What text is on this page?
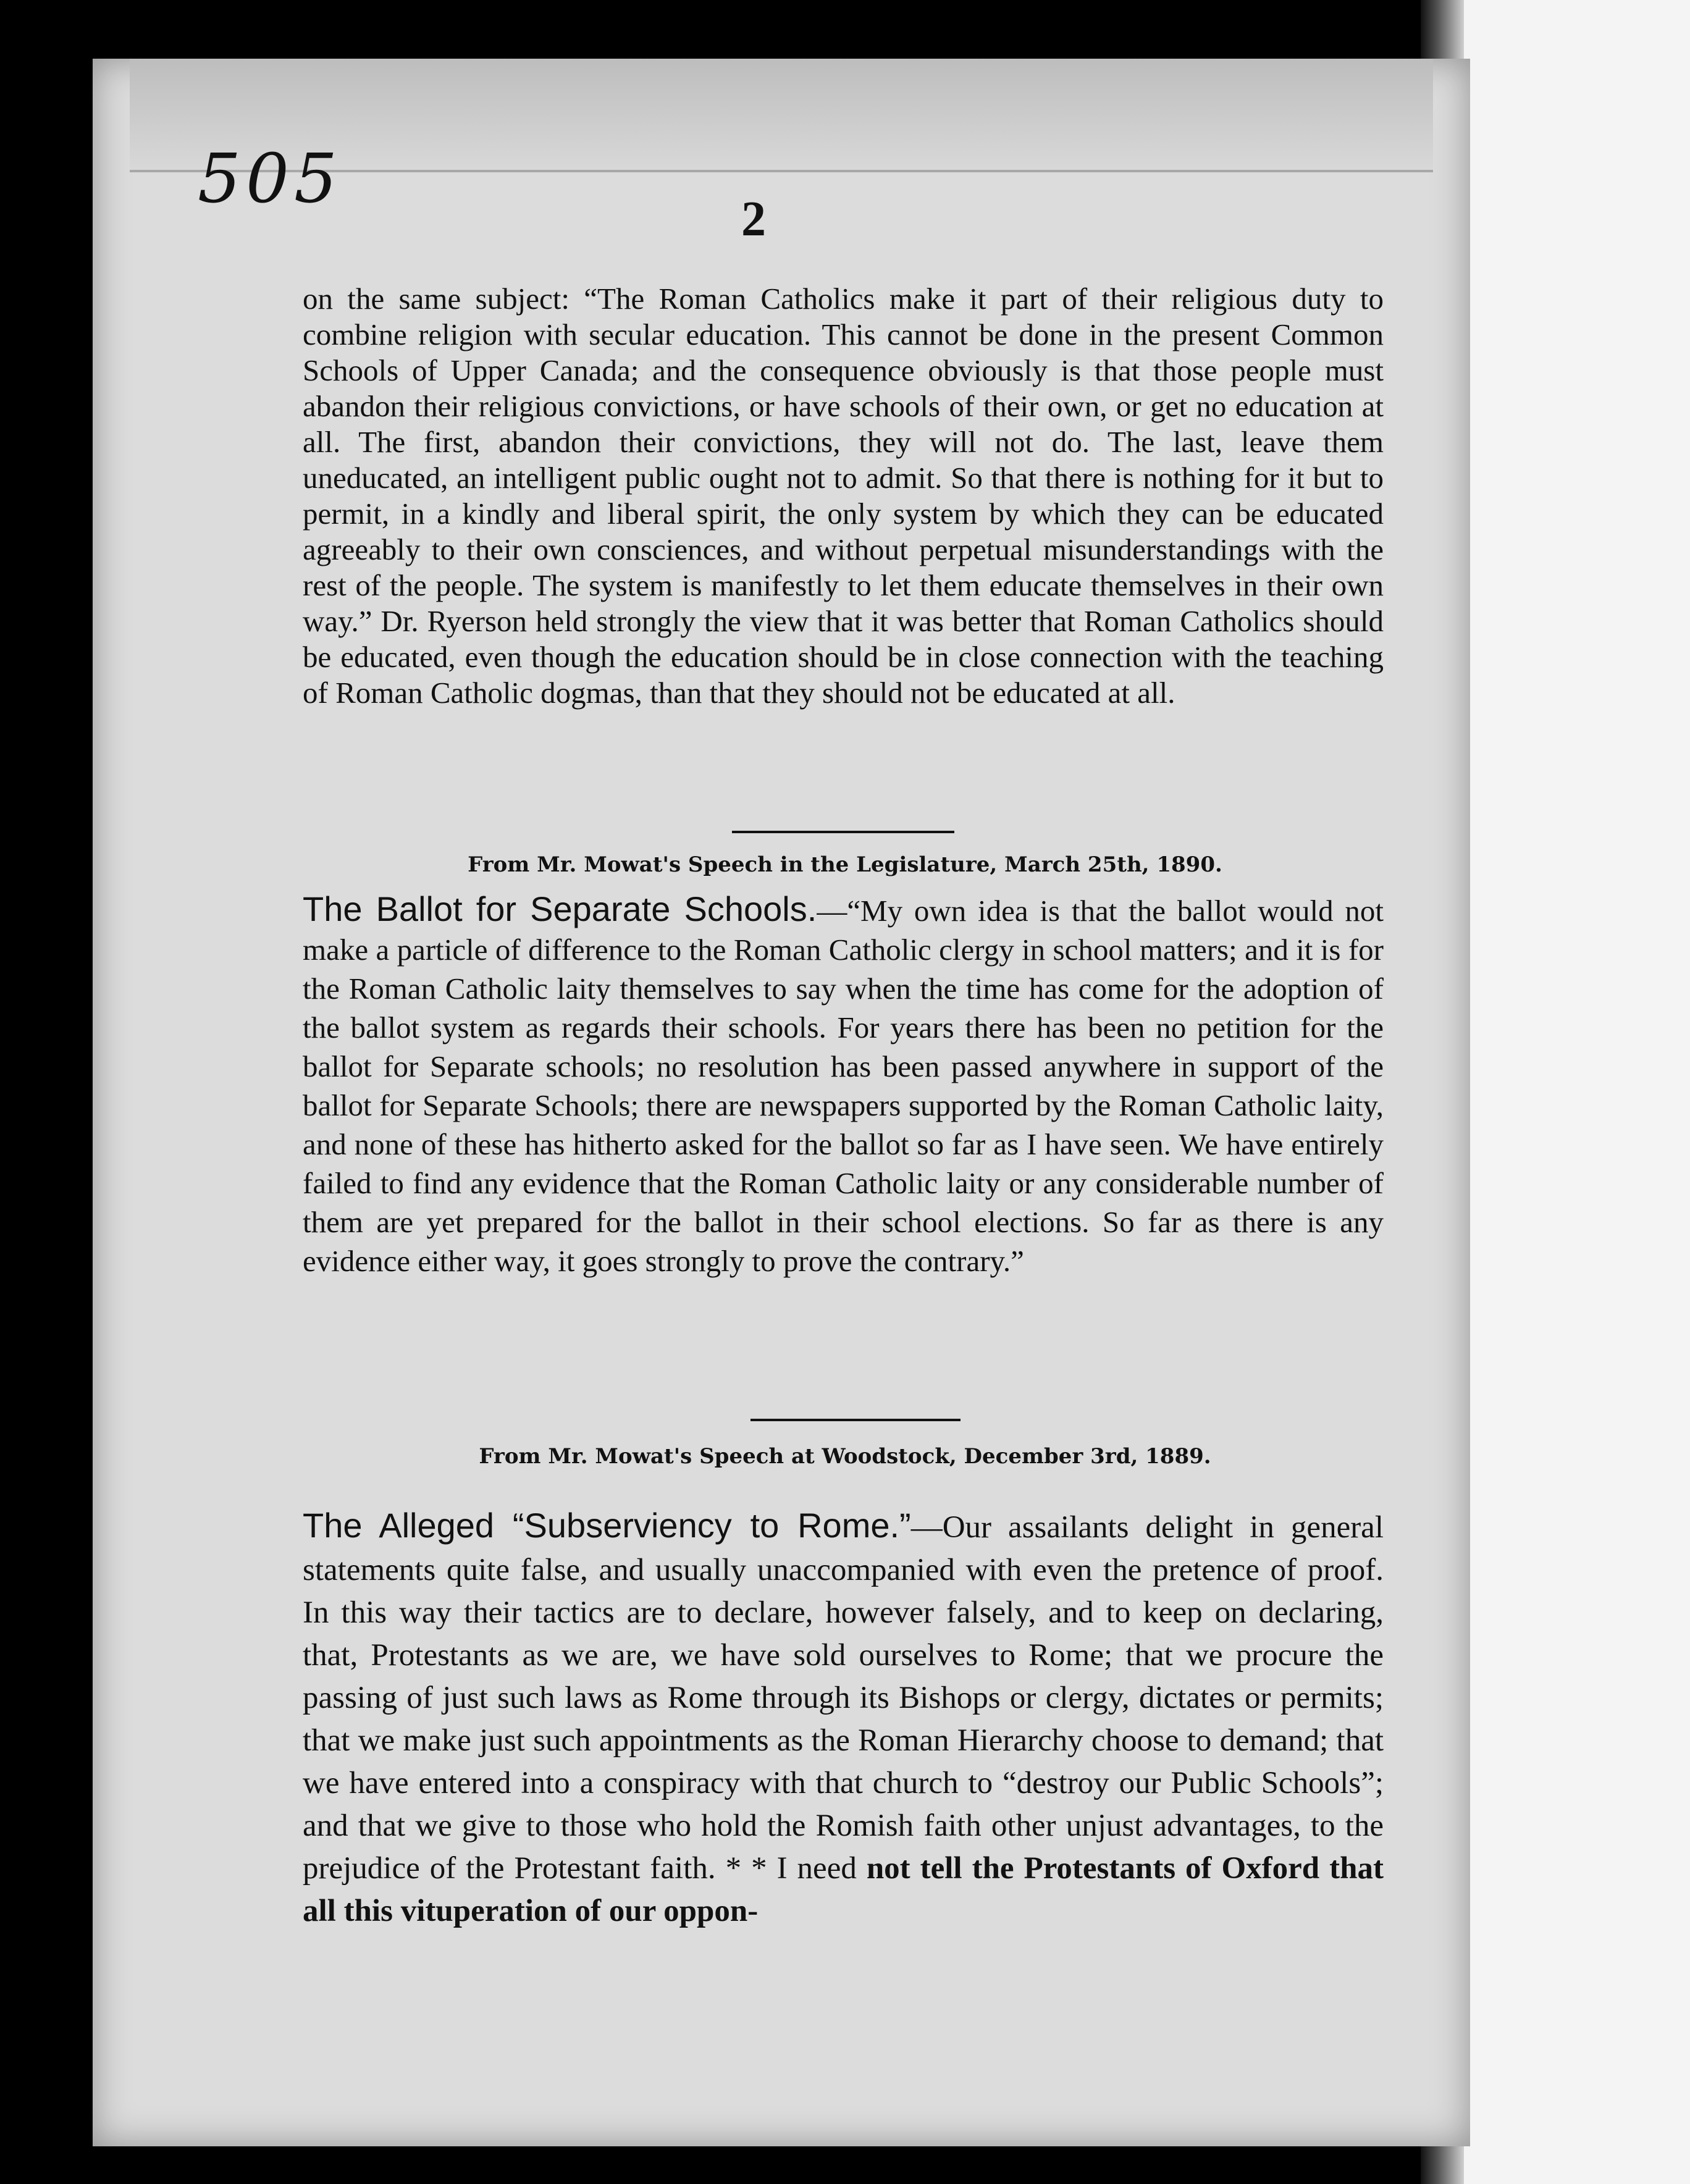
505
2
on the same subject: “The Roman Catholics make it part of their religious duty to combine religion with secular education. This cannot be done in the present Common Schools of Upper Canada; and the consequence obviously is that those people must abandon their religious convictions, or have schools of their own, or get no education at all. The first, abandon their convictions, they will not do. The last, leave them uneducated, an intelligent public ought not to admit. So that there is nothing for it but to permit, in a kindly and liberal spirit, the only system by which they can be educated agreeably to their own consciences, and without perpetual misunderstandings with the rest of the people. The system is manifestly to let them educate themselves in their own way.” Dr. Ryerson held strongly the view that it was better that Roman Catholics should be educated, even though the education should be in close connection with the teaching of Roman Catholic dogmas, than that they should not be educated at all.
From Mr. Mowat's Speech in the Legislature, March 25th, 1890.
The Ballot for Separate Schools.—“My own idea is that the ballot would not make a particle of difference to the Roman Catholic clergy in school matters; and it is for the Roman Catholic laity themselves to say when the time has come for the adoption of the ballot system as regards their schools. For years there has been no petition for the ballot for Separate schools; no resolution has been passed anywhere in support of the ballot for Separate Schools; there are newspapers supported by the Roman Catholic laity, and none of these has hitherto asked for the ballot so far as I have seen. We have entirely failed to find any evidence that the Roman Catholic laity or any considerable number of them are yet prepared for the ballot in their school elections. So far as there is any evidence either way, it goes strongly to prove the contrary.”
From Mr. Mowat's Speech at Woodstock, December 3rd, 1889.
The Alleged “Subserviency to Rome.”—Our assailants delight in general statements quite false, and usually unaccompanied with even the pretence of proof. In this way their tactics are to declare, however falsely, and to keep on declaring, that, Protestants as we are, we have sold ourselves to Rome; that we procure the passing of just such laws as Rome through its Bishops or clergy, dictates or permits; that we make just such appointments as the Roman Hierarchy choose to demand; that we have entered into a conspiracy with that church to “destroy our Public Schools”; and that we give to those who hold the Romish faith other unjust advantages, to the prejudice of the Protestant faith. * * I need not tell the Protestants of Oxford that all this vituperation of our oppon-
